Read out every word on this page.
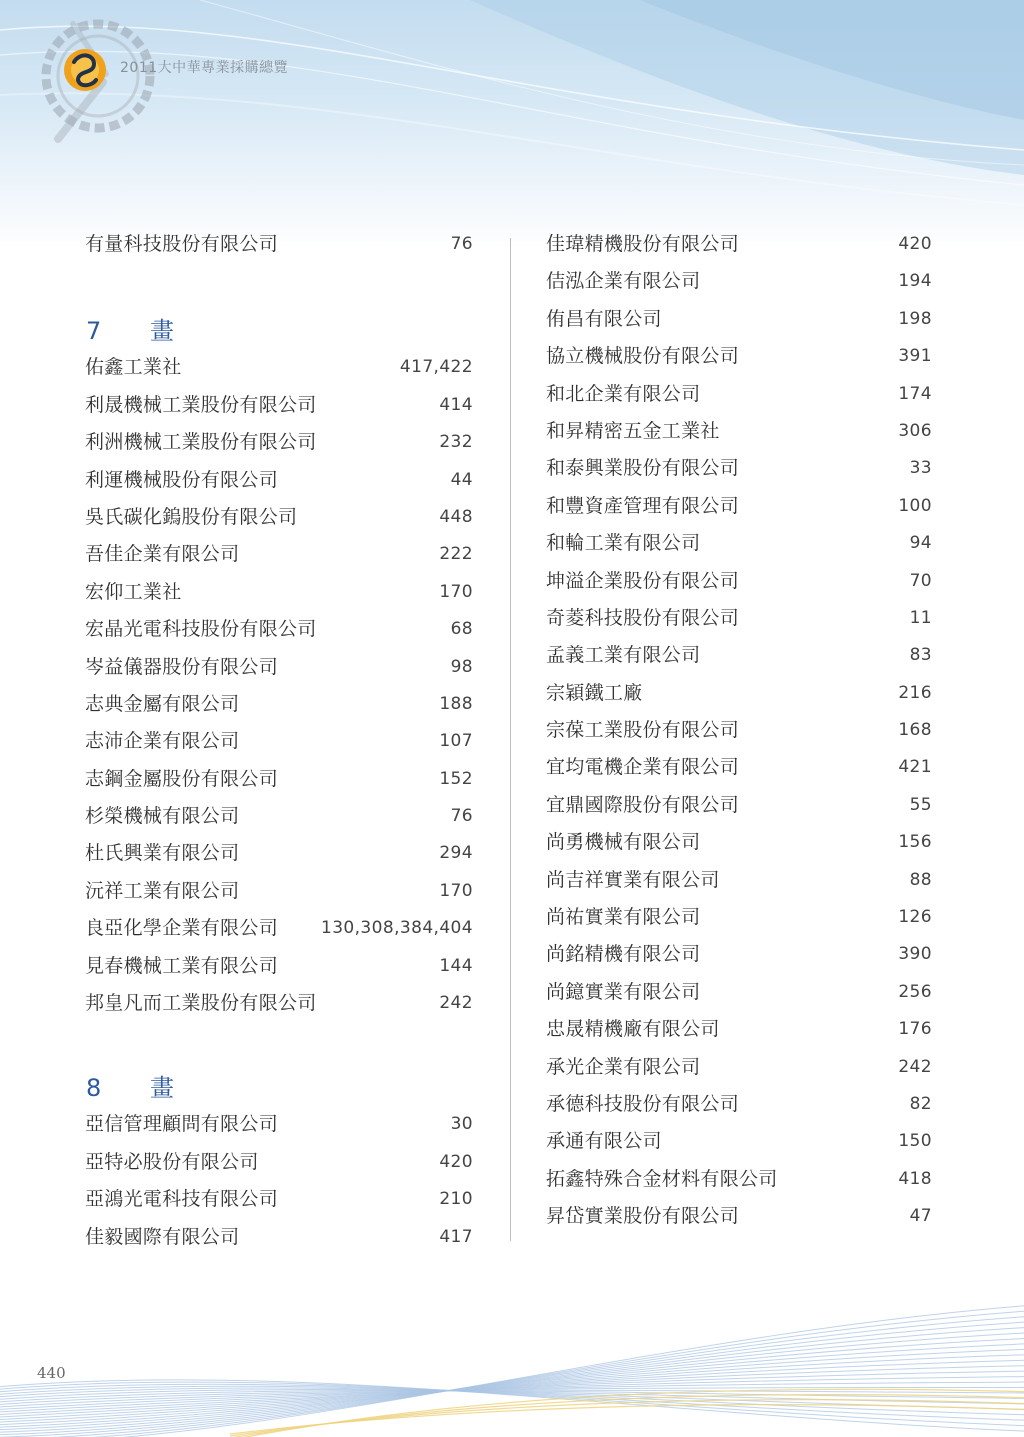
2011大中華專業採購總覽
有量科技股份有限公司	76
7 畫
佑鑫工業社	417,422
利晟機械工業股份有限公司	414
利洲機械工業股份有限公司	232
利運機械股份有限公司	44
吳氏碳化鎢股份有限公司	448
吾佳企業有限公司	222
宏仰工業社	170
宏晶光電科技股份有限公司	68
岑益儀器股份有限公司	98
志典金屬有限公司	188
志沛企業有限公司	107
志鋼金屬股份有限公司	152
杉榮機械有限公司	76
杜氏興業有限公司	294
沅祥工業有限公司	170
良亞化學企業有限公司	130,308,384,404
見春機械工業有限公司	144
邦皇凡而工業股份有限公司	242
8 畫
亞信管理顧問有限公司	30
亞特必股份有限公司	420
亞鴻光電科技有限公司	210
佳毅國際有限公司	417
佳瑋精機股份有限公司	420
佶泓企業有限公司	194
侑昌有限公司	198
協立機械股份有限公司	391
和北企業有限公司	174
和昇精密五金工業社	306
和泰興業股份有限公司	33
和豐資產管理有限公司	100
和輪工業有限公司	94
坤溢企業股份有限公司	70
奇菱科技股份有限公司	11
孟義工業有限公司	83
宗穎鐵工廠	216
宗葆工業股份有限公司	168
宜均電機企業有限公司	421
宜鼎國際股份有限公司	55
尚勇機械有限公司	156
尚吉祥實業有限公司	88
尚祐實業有限公司	126
尚銘精機有限公司	390
尚鐿實業有限公司	256
忠晟精機廠有限公司	176
承光企業有限公司	242
承德科技股份有限公司	82
承通有限公司	150
拓鑫特殊合金材料有限公司	418
昇岱實業股份有限公司	47
440
